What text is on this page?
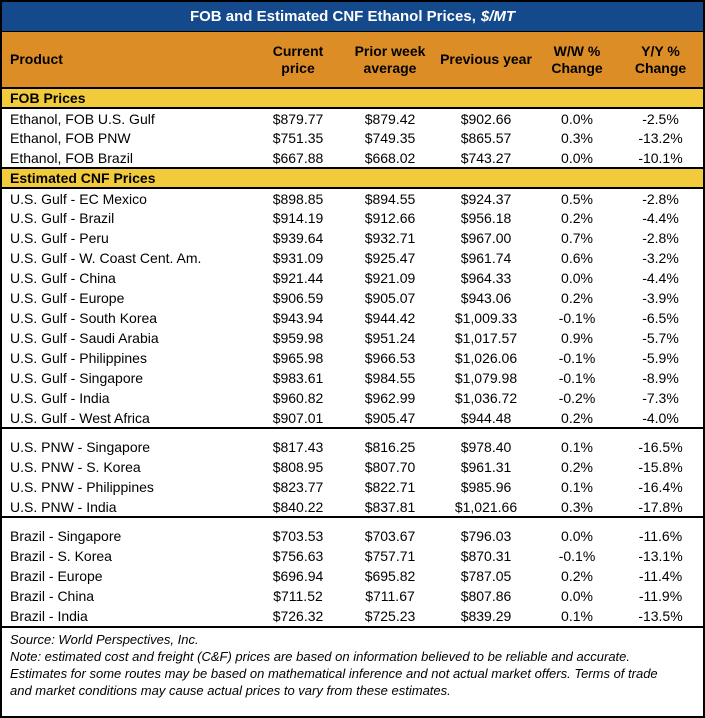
FOB and Estimated CNF Ethanol Prices, $/MT
Product	Current price	Prior week average	Previous year	W/W % Change	Y/Y % Change
FOB Prices					
Ethanol, FOB U.S. Gulf	$879.77	$879.42	$902.66	0.0%	-2.5%
Ethanol, FOB PNW	$751.35	$749.35	$865.57	0.3%	-13.2%
Ethanol, FOB Brazil	$667.88	$668.02	$743.27	0.0%	-10.1%
Estimated CNF Prices					
U.S. Gulf - EC Mexico	$898.85	$894.55	$924.37	0.5%	-2.8%
U.S. Gulf - Brazil	$914.19	$912.66	$956.18	0.2%	-4.4%
U.S. Gulf - Peru	$939.64	$932.71	$967.00	0.7%	-2.8%
U.S. Gulf - W. Coast Cent. Am.	$931.09	$925.47	$961.74	0.6%	-3.2%
U.S. Gulf - China	$921.44	$921.09	$964.33	0.0%	-4.4%
U.S. Gulf - Europe	$906.59	$905.07	$943.06	0.2%	-3.9%
U.S. Gulf - South Korea	$943.94	$944.42	$1,009.33	-0.1%	-6.5%
U.S. Gulf - Saudi Arabia	$959.98	$951.24	$1,017.57	0.9%	-5.7%
U.S. Gulf - Philippines	$965.98	$966.53	$1,026.06	-0.1%	-5.9%
U.S. Gulf - Singapore	$983.61	$984.55	$1,079.98	-0.1%	-8.9%
U.S. Gulf - India	$960.82	$962.99	$1,036.72	-0.2%	-7.3%
U.S. Gulf - West Africa	$907.01	$905.47	$944.48	0.2%	-4.0%

U.S. PNW - Singapore	$817.43	$816.25	$978.40	0.1%	-16.5%
U.S. PNW - S. Korea	$808.95	$807.70	$961.31	0.2%	-15.8%
U.S. PNW - Philippines	$823.77	$822.71	$985.96	0.1%	-16.4%
U.S. PNW - India	$840.22	$837.81	$1,021.66	0.3%	-17.8%

Brazil - Singapore	$703.53	$703.67	$796.03	0.0%	-11.6%
Brazil - S. Korea	$756.63	$757.71	$870.31	-0.1%	-13.1%
Brazil - Europe	$696.94	$695.82	$787.05	0.2%	-11.4%
Brazil - China	$711.52	$711.67	$807.86	0.0%	-11.9%
Brazil - India	$726.32	$725.23	$839.29	0.1%	-13.5%
Source: World Perspectives, Inc.
Note: estimated cost and freight (C&F) prices are based on information believed to be reliable and accurate. Estimates for some routes may be based on mathematical inference and not actual market offers. Terms of trade and market conditions may cause actual prices to vary from these estimates.
